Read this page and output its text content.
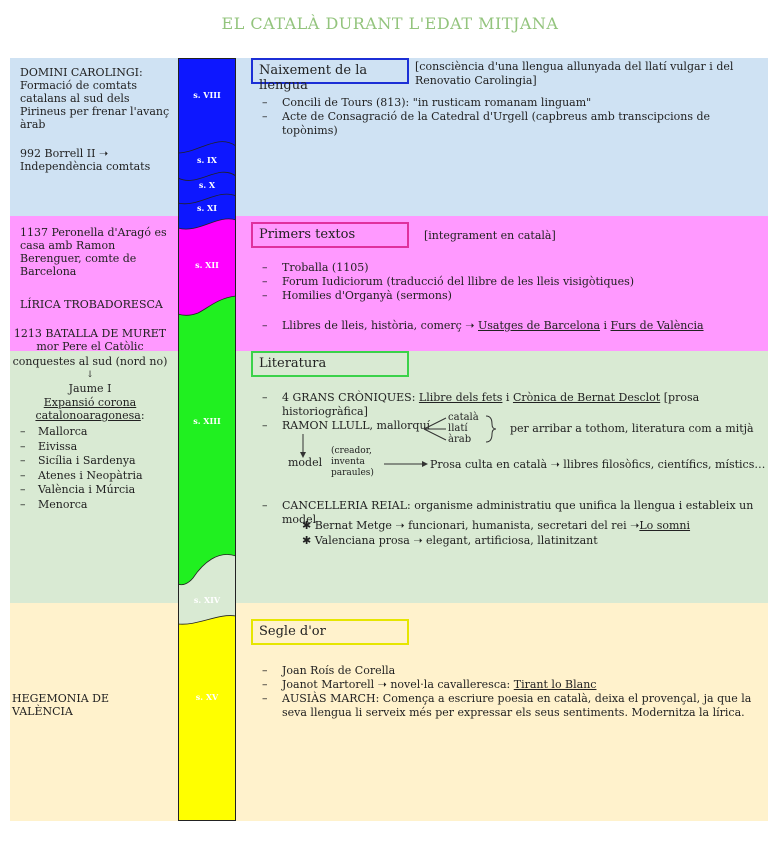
EL CATALÀ DURANT L'EDAT MITJANA
s. VIII
s. IX
s. X
s. XI
s. XII
s. XIII
s. XIV
s. XV
DOMINI CAROLINGI: Formació de comtats catalans al sud dels Pirineus per frenar l'avanç àrab
992 Borrell II ➝ Independència comtats
1137 Peronella d'Aragó es casa amb Ramon Berenguer, comte de Barcelona
LÍRICA TROBADORESCA
1213 BATALLA DE MURET mor Pere el Catòlic
conquestes al sud (nord no)
↓
Jaume I
Expansió corona catalonoaragonesa:
– Mallorca
– Eivissa
– Sicília i Sardenya
– Atenes i Neopàtria
– València i Múrcia
– Menorca
HEGEMONIA DE VALÈNCIA
Naixement de la llengua
[consciència d'una llengua allunyada del llatí vulgar i del Renovatio Carolingia]
– Concili de Tours (813): "in rusticam romanam linguam"
– Acte de Consagració de la Catedral d'Urgell (capbreus amb transcipcions de topònims)
Primers textos	[integrament en català]
– Troballa (1105)
– Forum Iudiciorum (traducció del llibre de les lleis visigòtiques)
– Homilies d'Organyà (sermons)
– Llibres de lleis, història, comerç ➝ Usatges de Barcelona i Furs de València
Literatura
– 4 GRANS CRÒNIQUES: Llibre dels fets i Crònica de Bernat Desclot [prosa historiogràfica]
– RAMON LLULL, mallorquí
català
llatí
àrab
per arribar a tothom, literatura com a mitjà
model
(creador,
inventa
paraules)
Prosa culta en català ➝ llibres filosòfics, científics, místics…
– CANCELLERIA REIAL: organisme administratiu que unifica la llengua i estableix un model
✱ Bernat Metge ➝ funcionari, humanista, secretari del rei ➝Lo somni
✱ Valenciana prosa ➝ elegant, artificiosa, llatinitzant
Segle d'or
– Joan Roís de Corella
– Joanot Martorell ➝ novel·la cavalleresca: Tirant lo Blanc
– AUSIÀS MARCH: Comença a escriure poesia en català, deixa el provençal, ja que la seva llengua li serveix més per expressar els seus sentiments. Modernitza la lírica.
